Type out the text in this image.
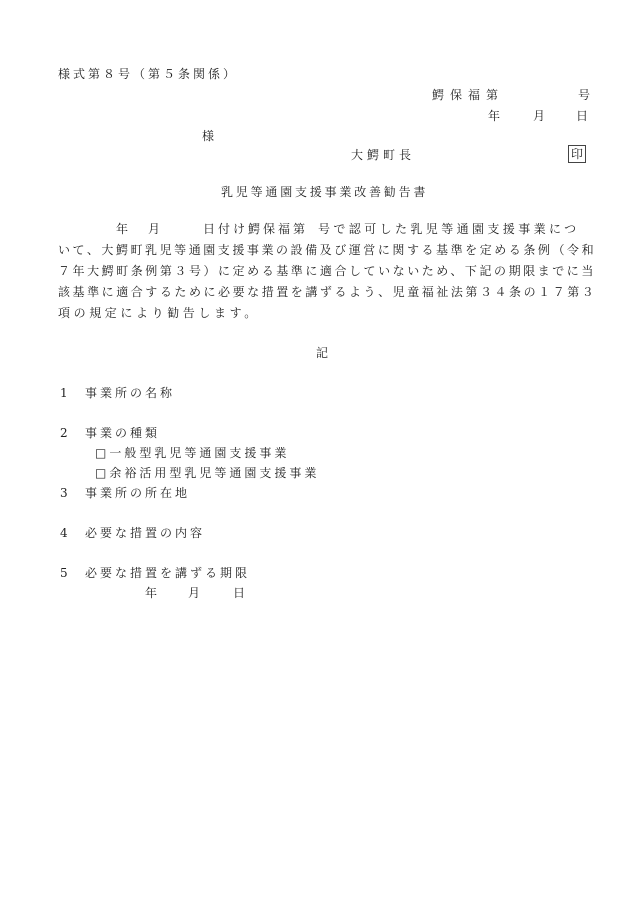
様式第８号（第５条関係）
鰐保福第	号
年 月 日
様
大鰐町長	印
乳児等通園支援事業改善勧告書
年 月	日付け鰐保福第 号で認可した乳児等通園支援事業につ
いて、大鰐町乳児等通園支援事業の設備及び運営に関する基準を定める条例（令和
７年大鰐町条例第３号）に定める基準に適合していないため、下記の期限までに当
該基準に適合するために必要な措置を講ずるよう、児童福祉法第３４条の１７第３
項の規定により勧告します。
記
1 事業所の名称
2 事業の種類
□一般型乳児等通園支援事業
□余裕活用型乳児等通園支援事業
3 事業所の所在地
4 必要な措置の内容
5 必要な措置を講ずる期限
年 月 日
